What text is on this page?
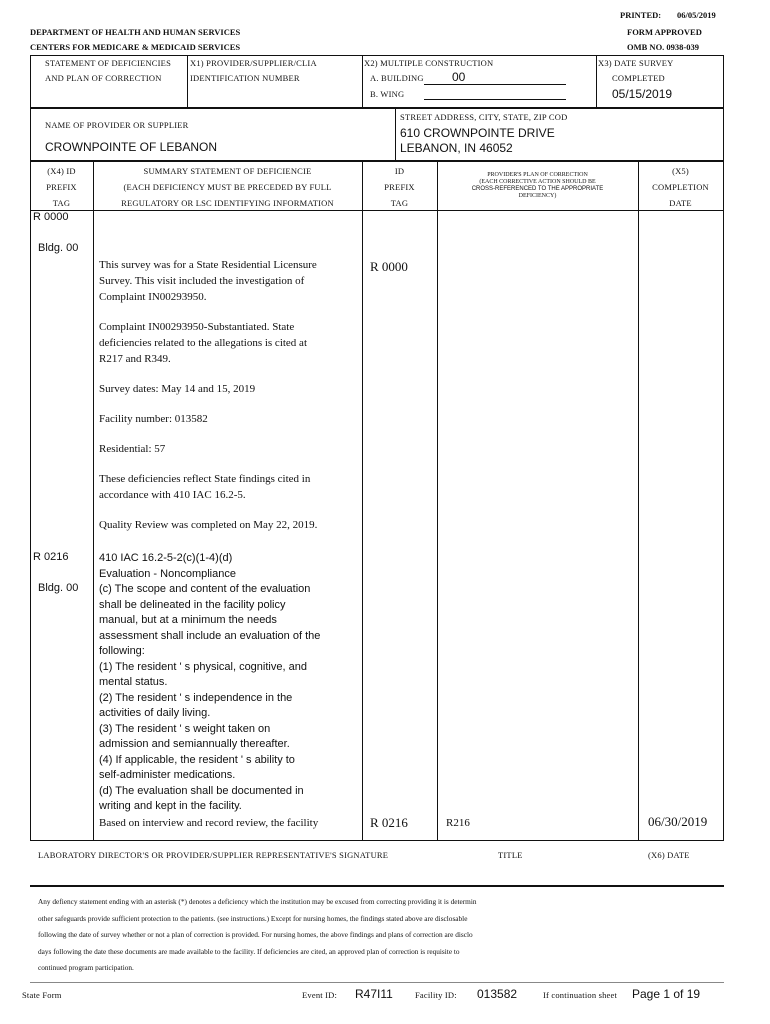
PRINTED: 06/05/2019
DEPARTMENT OF HEALTH AND HUMAN SERVICES	FORM APPROVED
CENTERS FOR MEDICARE & MEDICAID SERVICES	OMB NO. 0938-039
STATEMENT OF DEFICIENCIES
AND PLAN OF CORRECTION
X1) PROVIDER/SUPPLIER/CLIA
IDENTIFICATION NUMBER
X2) MULTIPLE CONSTRUCTION
A. BUILDING 00
B. WING
X3) DATE SURVEY
COMPLETED
05/15/2019
NAME OF PROVIDER OR SUPPLIER
CROWNPOINTE OF LEBANON
STREET ADDRESS, CITY, STATE, ZIP COD
610 CROWNPOINTE DRIVE
LEBANON, IN 46052
(X4) ID
PREFIX
TAG
SUMMARY STATEMENT OF DEFICIENCIE
(EACH DEFICIENCY MUST BE PRECEDED BY FULL
REGULATORY OR LSC IDENTIFYING INFORMATION
ID
PREFIX
TAG
PROVIDER'S PLAN OF CORRECTION
(EACH CORRECTIVE ACTION SHOULD BE
CROSS-REFERENCED TO THE APPROPRIATE
DEFICIENCY)
(X5)
COMPLETION
DATE
R 0000
Bldg. 00
R 0000
This survey was for a State Residential Licensure
Survey. This visit included the investigation of
Complaint IN00293950.
Complaint IN00293950-Substantiated. State
deficiencies related to the allegations is cited at
R217 and R349.
Survey dates: May 14 and 15, 2019
Facility number: 013582
Residential: 57
These deficiencies reflect State findings cited in
accordance with 410 IAC 16.2-5.
Quality Review was completed on May 22, 2019.
R 0216
Bldg. 00
410 IAC 16.2-5-2(c)(1-4)(d)
Evaluation - Noncompliance
(c) The scope and content of the evaluation
shall be delineated in the facility policy
manual, but at a minimum the needs
assessment shall include an evaluation of the
following:
(1) The resident ' s physical, cognitive, and
mental status.
(2) The resident ' s independence in the
activities of daily living.
(3) The resident ' s weight taken on
admission and semiannually thereafter.
(4) If applicable, the resident ' s ability to
self-administer medications.
(d) The evaluation shall be documented in
writing and kept in the facility.
Based on interview and record review, the facility	R 0216	R216	06/30/2019
LABORATORY DIRECTOR'S OR PROVIDER/SUPPLIER REPRESENTATIVE'S SIGNATURE	TITLE	(X6) DATE
Any defiency statement ending with an asterisk (*) denotes a deficiency which the institution may be excused from correcting providing it is determin
other safeguards provide sufficient protection to the patients. (see instructions.) Except for nursing homes, the findings stated above are disclosable
following the date of survey whether or not a plan of correction is provided. For nursing homes, the above findings and plans of correction are disclo
days following the date these documents are made available to the facility. If deficiencies are cited, an approved plan of correction is requisite to
continued program participation.
State Form	Event ID: R47I11	Facility ID: 013582	If continuation sheet Page 1 of 19
